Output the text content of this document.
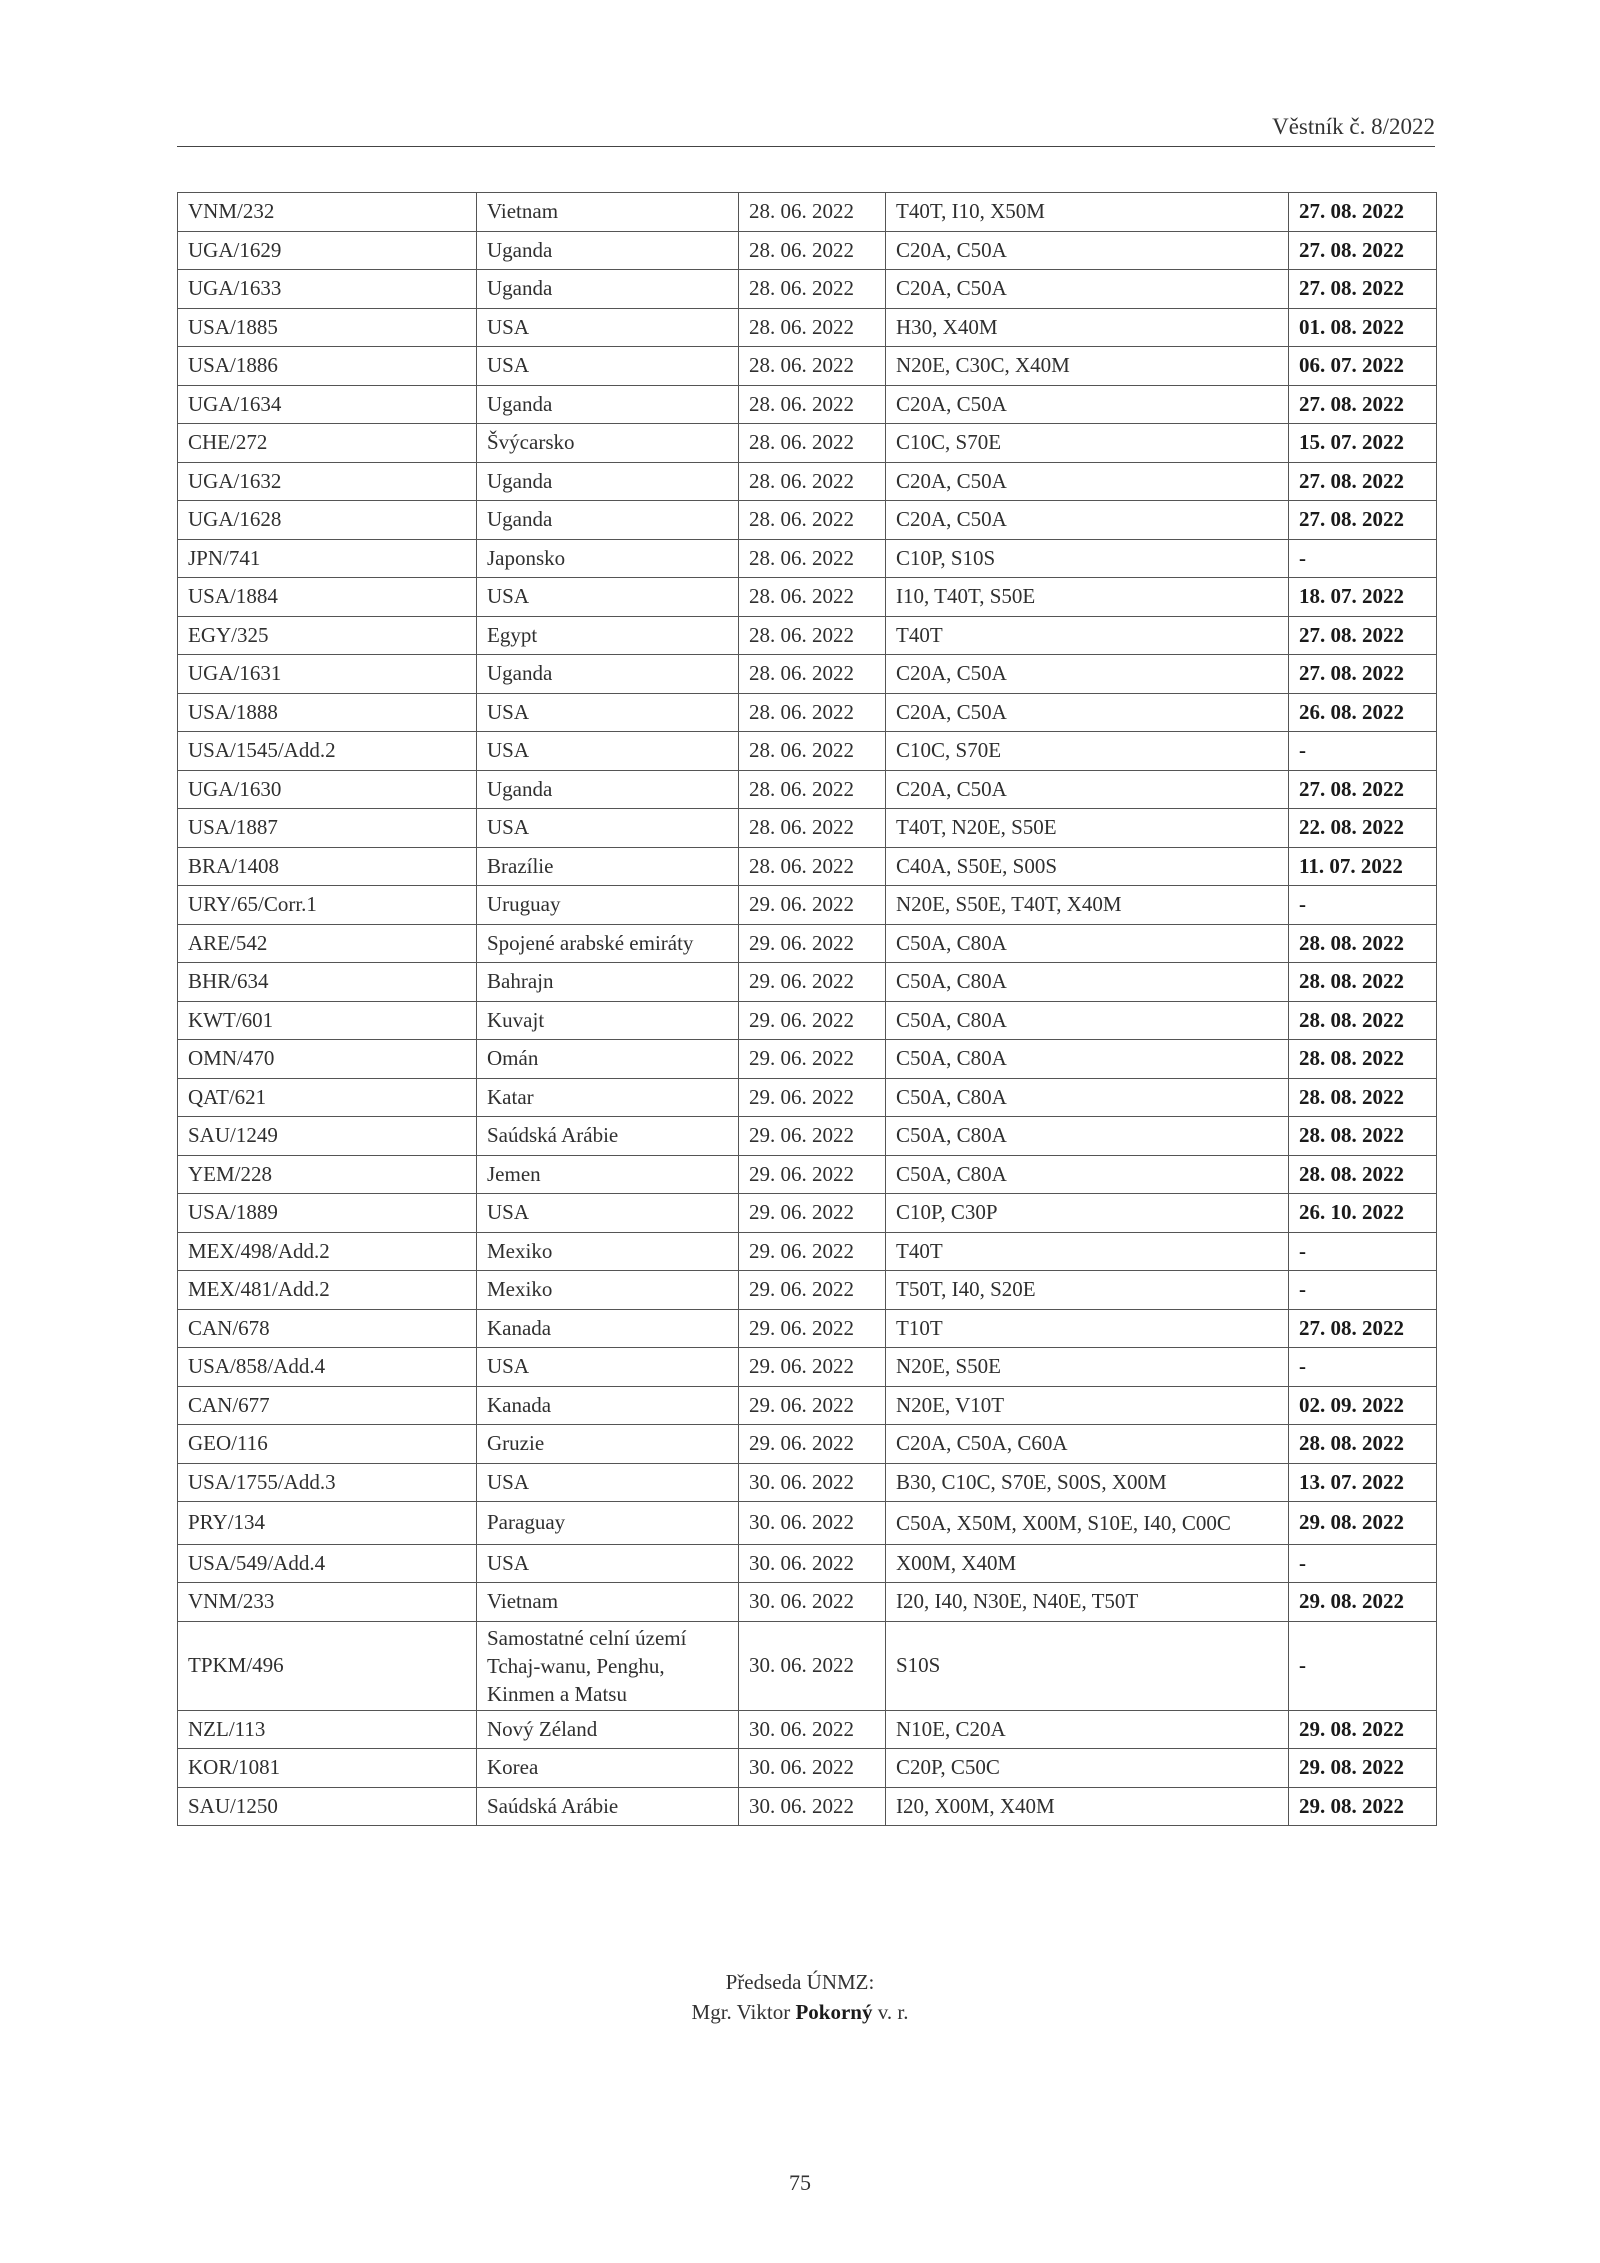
Věstník č. 8/2022
VNM/232	Vietnam	28. 06. 2022	T40T, I10, X50M	27. 08. 2022
UGA/1629	Uganda	28. 06. 2022	C20A, C50A	27. 08. 2022
UGA/1633	Uganda	28. 06. 2022	C20A, C50A	27. 08. 2022
USA/1885	USA	28. 06. 2022	H30, X40M	01. 08. 2022
USA/1886	USA	28. 06. 2022	N20E, C30C, X40M	06. 07. 2022
UGA/1634	Uganda	28. 06. 2022	C20A, C50A	27. 08. 2022
CHE/272	Švýcarsko	28. 06. 2022	C10C, S70E	15. 07. 2022
UGA/1632	Uganda	28. 06. 2022	C20A, C50A	27. 08. 2022
UGA/1628	Uganda	28. 06. 2022	C20A, C50A	27. 08. 2022
JPN/741	Japonsko	28. 06. 2022	C10P, S10S	-
USA/1884	USA	28. 06. 2022	I10, T40T, S50E	18. 07. 2022
EGY/325	Egypt	28. 06. 2022	T40T	27. 08. 2022
UGA/1631	Uganda	28. 06. 2022	C20A, C50A	27. 08. 2022
USA/1888	USA	28. 06. 2022	C20A, C50A	26. 08. 2022
USA/1545/Add.2	USA	28. 06. 2022	C10C, S70E	-
UGA/1630	Uganda	28. 06. 2022	C20A, C50A	27. 08. 2022
USA/1887	USA	28. 06. 2022	T40T, N20E, S50E	22. 08. 2022
BRA/1408	Brazílie	28. 06. 2022	C40A, S50E, S00S	11. 07. 2022
URY/65/Corr.1	Uruguay	29. 06. 2022	N20E, S50E, T40T, X40M	-
ARE/542	Spojené arabské emiráty	29. 06. 2022	C50A, C80A	28. 08. 2022
BHR/634	Bahrajn	29. 06. 2022	C50A, C80A	28. 08. 2022
KWT/601	Kuvajt	29. 06. 2022	C50A, C80A	28. 08. 2022
OMN/470	Omán	29. 06. 2022	C50A, C80A	28. 08. 2022
QAT/621	Katar	29. 06. 2022	C50A, C80A	28. 08. 2022
SAU/1249	Saúdská Arábie	29. 06. 2022	C50A, C80A	28. 08. 2022
YEM/228	Jemen	29. 06. 2022	C50A, C80A	28. 08. 2022
USA/1889	USA	29. 06. 2022	C10P, C30P	26. 10. 2022
MEX/498/Add.2	Mexiko	29. 06. 2022	T40T	-
MEX/481/Add.2	Mexiko	29. 06. 2022	T50T, I40, S20E	-
CAN/678	Kanada	29. 06. 2022	T10T	27. 08. 2022
USA/858/Add.4	USA	29. 06. 2022	N20E, S50E	-
CAN/677	Kanada	29. 06. 2022	N20E, V10T	02. 09. 2022
GEO/116	Gruzie	29. 06. 2022	C20A, C50A, C60A	28. 08. 2022
USA/1755/Add.3	USA	30. 06. 2022	B30, C10C, S70E, S00S, X00M	13. 07. 2022
PRY/134	Paraguay	30. 06. 2022	C50A, X50M, X00M, S10E, I40, C00C	29. 08. 2022
USA/549/Add.4	USA	30. 06. 2022	X00M, X40M	-
VNM/233	Vietnam	30. 06. 2022	I20, I40, N30E, N40E, T50T	29. 08. 2022
TPKM/496	Samostatné celní území Tchaj-wanu, Penghu, Kinmen a Matsu	30. 06. 2022	S10S	-
NZL/113	Nový Zéland	30. 06. 2022	N10E, C20A	29. 08. 2022
KOR/1081	Korea	30. 06. 2022	C20P, C50C	29. 08. 2022
SAU/1250	Saúdská Arábie	30. 06. 2022	I20, X00M, X40M	29. 08. 2022
Předseda ÚNMZ:
Mgr. Viktor Pokorný v. r.
75
